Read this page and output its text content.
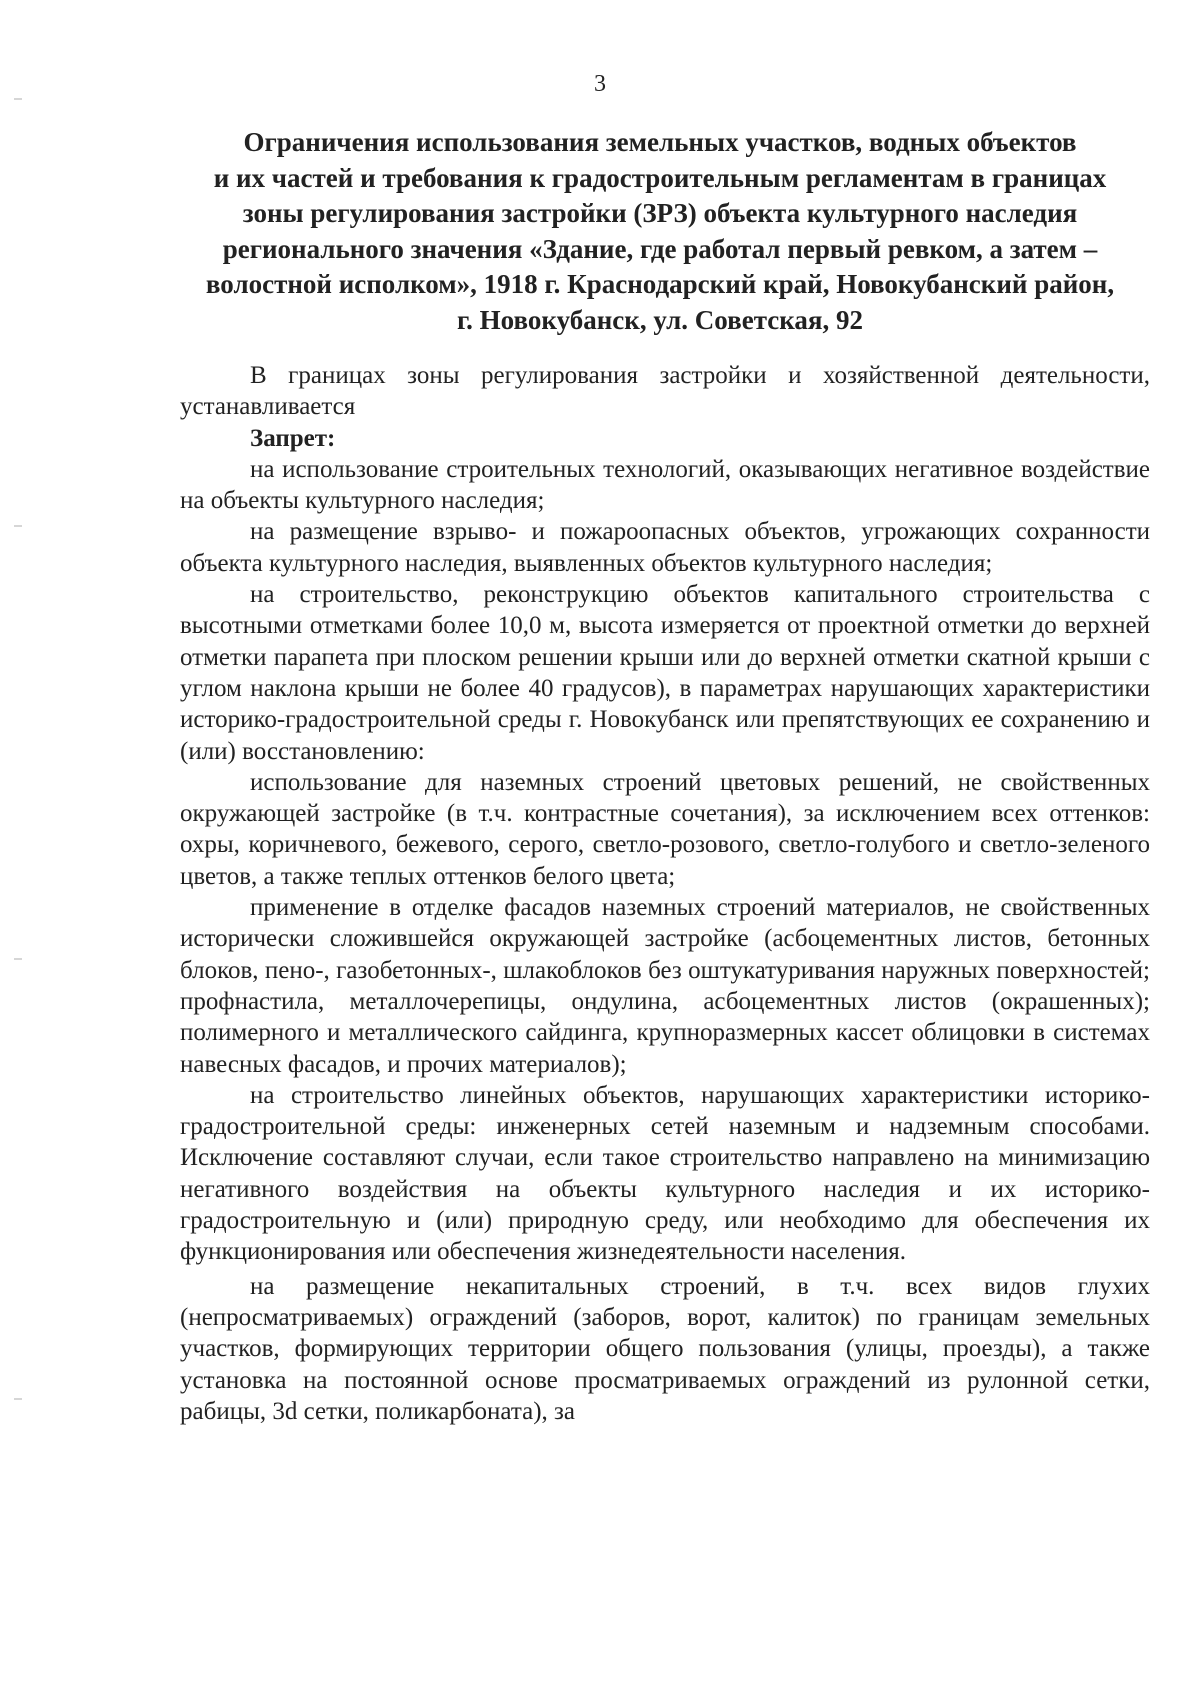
3
Ограничения использования земельных участков, водных объектов
и их частей и требования к градостроительным регламентам в границах
зоны регулирования застройки (ЗРЗ) объекта культурного наследия
регионального значения «Здание, где работал первый ревком, а затем –
волостной исполком», 1918 г. Краснодарский край, Новокубанский район,
г. Новокубанск, ул. Советская, 92

В границах зоны регулирования застройки и хозяйственной деятельности, устанавливается

Запрет:

на использование строительных технологий, оказывающих негативное воздействие на объекты культурного наследия;

на размещение взрыво- и пожароопасных объектов, угрожающих сохранности объекта культурного наследия, выявленных объектов культурного наследия;

на строительство, реконструкцию объектов капитального строительства с высотными отметками более 10,0 м, высота измеряется от проектной отметки до верхней отметки парапета при плоском решении крыши или до верхней отметки скатной крыши с углом наклона крыши не более 40 градусов), в параметрах нарушающих характеристики историко-градостроительной среды г. Новокубанск или препятствующих ее сохранению и (или) восстановлению:

использование для наземных строений цветовых решений, не свойственных окружающей застройке (в т.ч. контрастные сочетания), за исключением всех оттенков: охры, коричневого, бежевого, серого, светло-розового, светло-голубого и светло-зеленого цветов, а также теплых оттенков белого цвета;

применение в отделке фасадов наземных строений материалов, не свойственных исторически сложившейся окружающей застройке (асбоцементных листов, бетонных блоков, пено-, газобетонных-, шлакоблоков без оштукатуривания наружных поверхностей; профнастила, металлочерепицы, ондулина, асбоцементных листов (окрашенных); полимерного и металлического сайдинга, крупноразмерных кассет облицовки в системах навесных фасадов, и прочих материалов);

на строительство линейных объектов, нарушающих характеристики историко-градостроительной среды: инженерных сетей наземным и надземным способами. Исключение составляют случаи, если такое строительство направлено на минимизацию негативного воздействия на объекты культурного наследия и их историко-градостроительную и (или) природную среду, или необходимо для обеспечения их функционирования или обеспечения жизнедеятельности населения.

на размещение некапитальных строений, в т.ч. всех видов глухих (непросматриваемых) ограждений (заборов, ворот, калиток) по границам земельных участков, формирующих территории общего пользования (улицы, проезды), а также установка на постоянной основе просматриваемых ограждений из рулонной сетки, рабицы, 3d сетки, поликарбоната), за
